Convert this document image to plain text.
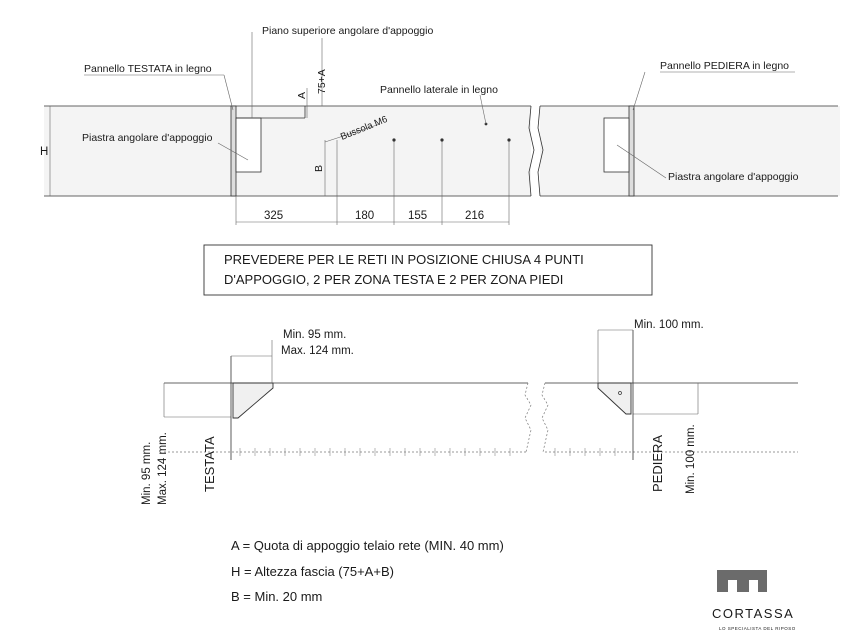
H
A
75+A
B
Bussola M6
325	180	155	216
Piano superiore angolare d'appoggio
Pannello TESTATA in legno	Pannello PEDIERA in legno
Pannello laterale in legno
Piastra angolare d'appoggio
Piastra angolare d'appoggio
PREVEDERE PER LE RETI IN POSIZIONE CHIUSA 4 PUNTI
D'APPOGGIO, 2 PER ZONA TESTA E 2 PER ZONA PIEDI
Min. 95 mm.
Max. 124 mm.
Min. 95 mm. Max. 124 mm.	TESTATA
Min. 100 mm.
PEDIERA Min. 100 mm.
A = Quota di appoggio telaio rete (MIN. 40 mm)
H = Altezza fascia (75+A+B)
B = Min. 20 mm
CORTASSA
LO SPECIALISTA DEL RIPOSO
